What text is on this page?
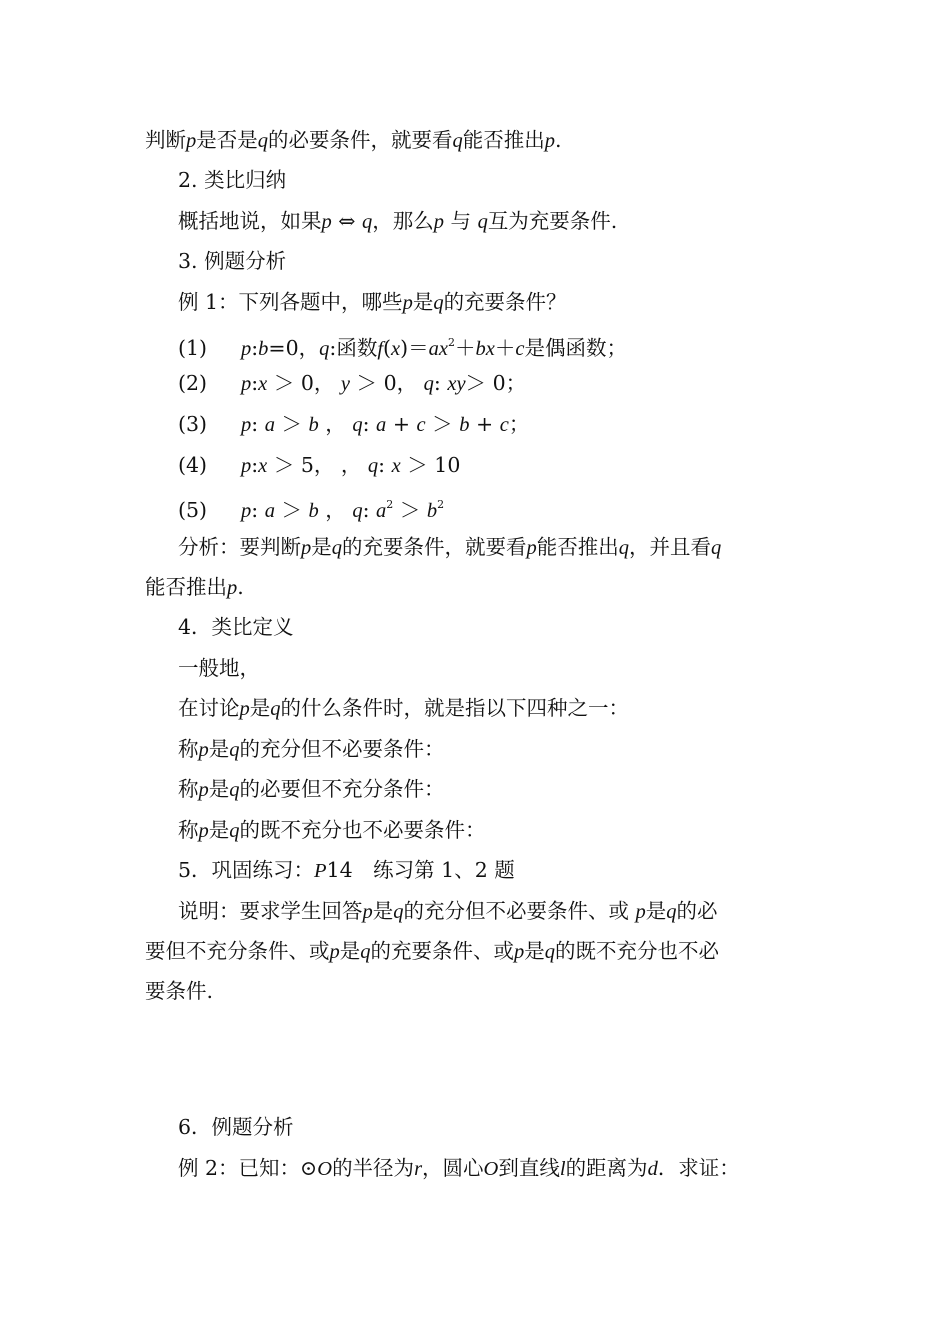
判断p是否是q的必要条件，就要看q能否推出p.
2. 类比归纳
概括地说，如果p ⇔ q，那么p 与 q互为充要条件.
3. 例题分析
例 1：下列各题中，哪些p是q的充要条件？
(1) p:b=0，q:函数$f(x)=ax^2+bx+c$是偶函数；
(2) p:x ＞ 0， y ＞ 0， q: xy＞ 0；
(3) p: a ＞ b ， q: a + c ＞ b + c；
(4) p:x ＞ 5， ， q: x ＞ 10
(5) p: a ＞ b ， q: $a^2 > b^2$
分析：要判断p是q的充要条件，就要看p能否推出q，并且看q
能否推出p.
4．类比定义
一般地，
在讨论p是q的什么条件时，就是指以下四种之一：
称p是q的充分但不必要条件：
称p是q的必要但不充分条件：
称p是q的既不充分也不必要条件：
5．巩固练习：P14　练习第 1、2 题
说明：要求学生回答p是q的充分但不必要条件、或 p是q的必
要但不充分条件、或p是q的充要条件、或p是q的既不充分也不必
要条件.
6．例题分析
例 2：已知：⊙O的半径为r，圆心O到直线l的距离为d．求证：
